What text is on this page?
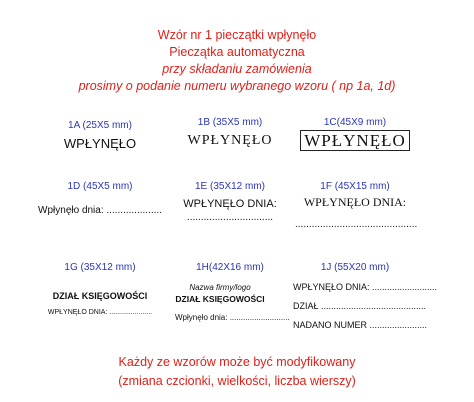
Wzór nr 1 pieczątki wpłynęło
Pieczątka automatyczna
przy składaniu zamówienia
prosimy o podanie numeru wybranego wzoru ( np 1a, 1d)
1A (25X5 mm)
WPŁYNĘŁO
1B (35X5 mm)
WPŁYNĘŁO
1C(45X9 mm)
WPŁYNĘŁO
1D (45X5 mm)
Wpłynęło dnia: ....................
1E (35X12 mm)
WPŁYNĘŁO DNIA:
...............................
1F (45X15 mm)
WPŁYNĘŁO DNIA:
............................................
1G (35X12 mm)
DZIAŁ KSIĘGOWOŚCI
WPŁYNĘŁO DNIA: ......................
1H(42X16 mm)
Nazwa firmy/logo
DZIAŁ KSIĘGOWOŚCI
Wpłynęło dnia: ...........................
1J (55X20 mm)
WPŁYNĘŁO DNIA: ..........................
DZIAŁ ..........................................
NADANO NUMER .......................
Każdy ze wzorów może być modyfikowany
(zmiana czcionki, wielkości, liczba wierszy)
